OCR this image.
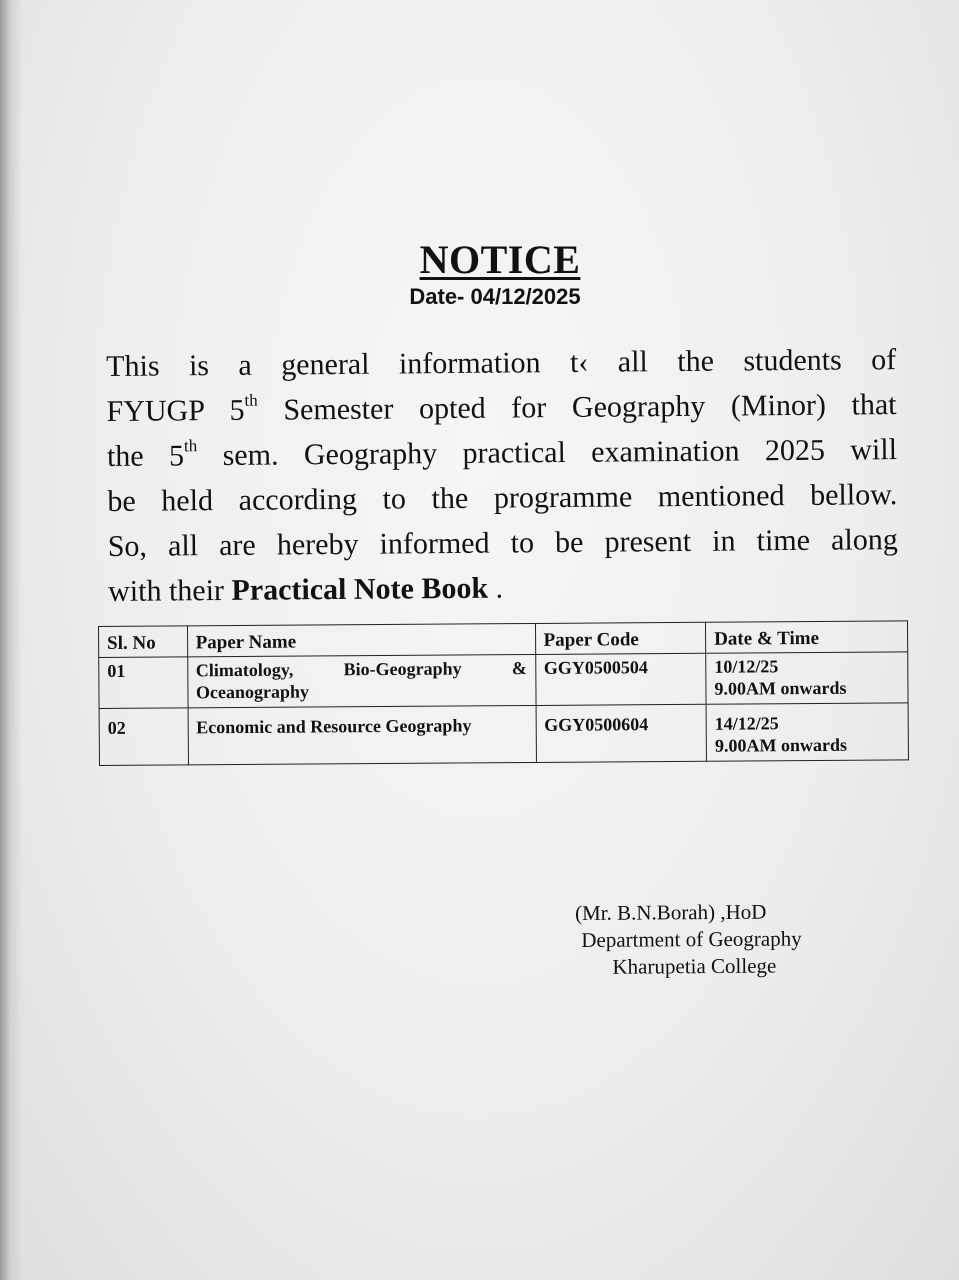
NOTICE
Date- 04/12/2025
This is a general information t‹ all the students of
FYUGP 5th Semester opted for Geography (Minor) that
the 5th sem. Geography practical examination 2025 will
be held according to the programme mentioned bellow.
So, all are hereby informed to be present in time along
with their Practical Note Book .
Sl. No	Paper Name	Paper Code	Date & Time
01	Climatology, Bio-Geography & Oceanography	GGY0500504	10/12/25
9.00AM onwards

02	Economic and Resource Geography	GGY0500604	14/12/25
9.00AM onwards
(Mr. B.N.Borah) ,HoD
Department of Geography
Kharupetia College
